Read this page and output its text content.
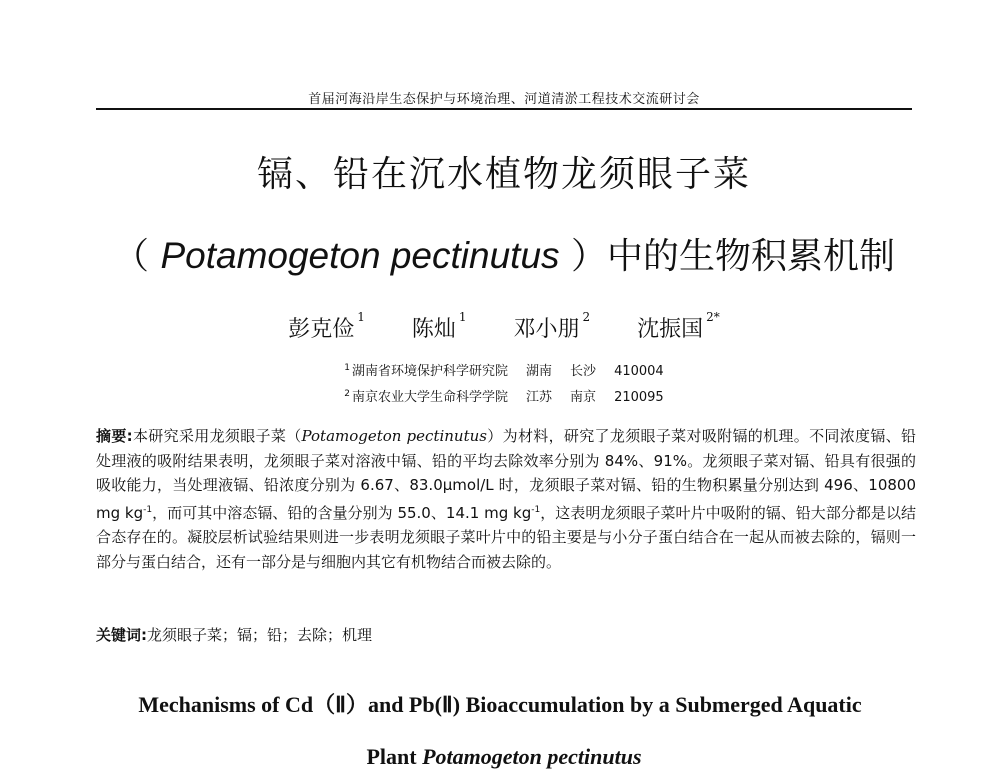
首届河海沿岸生态保护与环境治理、河道清淤工程技术交流研讨会
镉、铅在沉水植物龙须眼子菜
（ Potamogeton pectinutus ）中的生物积累机制
彭克俭 $^1$ 陈灿 $^1$ 邓小朋 $^2$ 沈振国 $^{2*}$
$^1$ 湖南省环境保护科学研究院 湖南 长沙 410004
$^2$ 南京农业大学生命科学学院 江苏 南京 210095
摘要:本研究采用龙须眼子菜（Potamogeton pectinutus）为材料，研究了龙须眼子菜对吸附镉的机理。不同浓度镉、铅处理液的吸附结果表明，龙须眼子菜对溶液中镉、铅的平均去除效率分别为 84%、91%。龙须眼子菜对镉、铅具有很强的吸收能力，当处理液镉、铅浓度分别为 6.67、83.0μmol/L 时，龙须眼子菜对镉、铅的生物积累量分别达到 496、10800 mg $kg^{-1}$，而可其中溶态镉、铅的含量分别为 55.0、14.1 mg $kg^{-1}$，这表明龙须眼子菜叶片中吸附的镉、铅大部分都是以结合态存在的。凝胶层析试验结果则进一步表明龙须眼子菜叶片中的铅主要是与小分子蛋白结合在一起从而被去除的，镉则一部分与蛋白结合，还有一部分是与细胞内其它有机物结合而被去除的。
关键词:龙须眼子菜；镉；铅；去除；机理
Mechanisms of Cd（Ⅱ）and Pb(Ⅱ) Bioaccumulation by a Submerged Aquatic
Plant Potamogeton pectinutus
